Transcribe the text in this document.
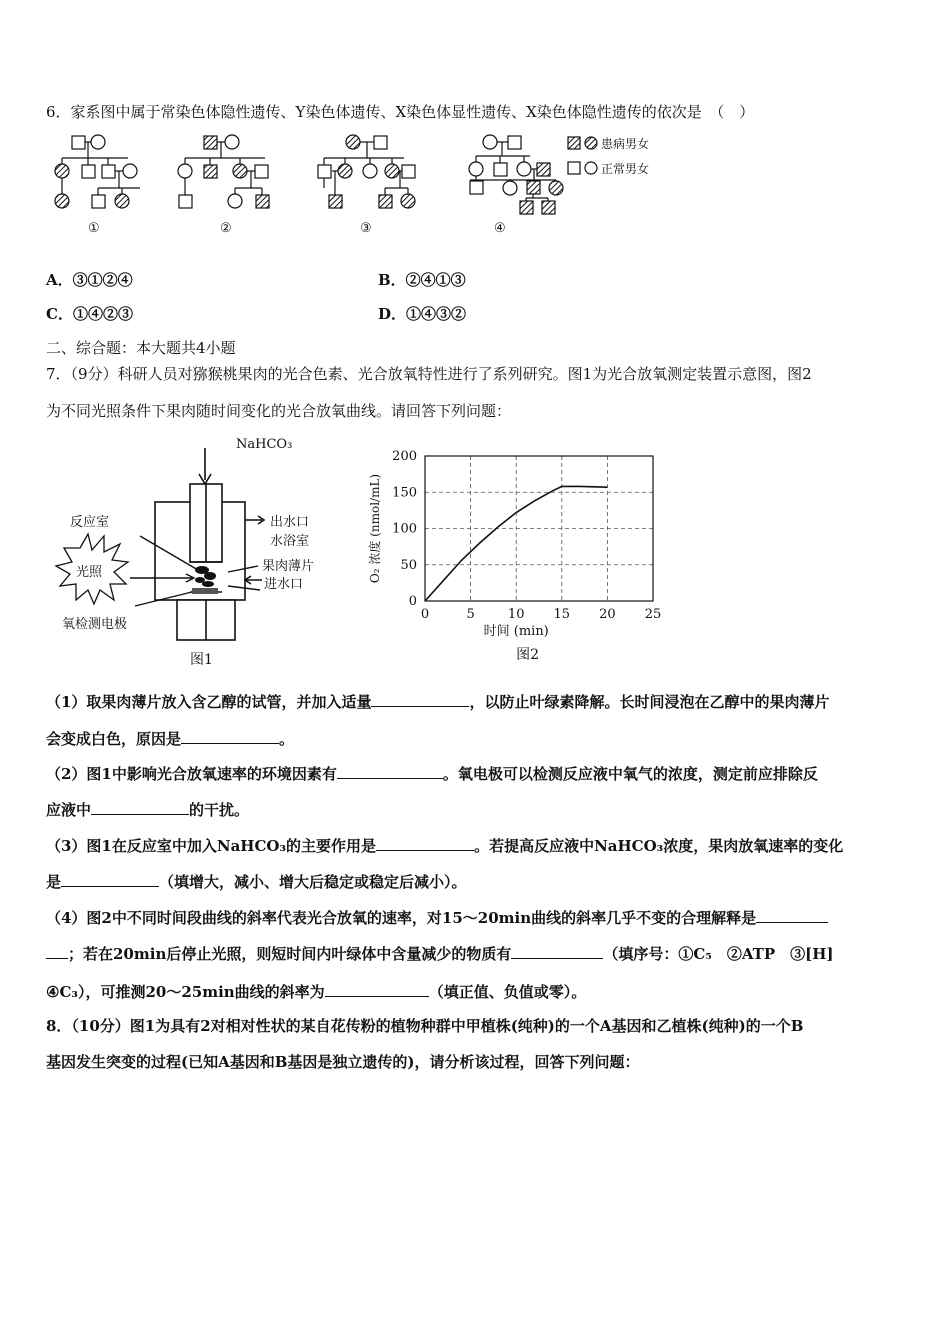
6．家系图中属于常染色体隐性遗传、Y染色体遗传、X染色体显性遗传、X染色体隐性遗传的依次是　（　）
患病男女
正常男女
①	②	③	④
A．③①②④	B．②④①③
C．①④②③	D．①④③②
二、综合题：本大题共4小题
7．（9分）科研人员对猕猴桃果肉的光合色素、光合放氧特性进行了系列研究。图1为光合放氧测定装置示意图，图2
为不同光照条件下果肉随时间变化的光合放氧曲线。请回答下列问题：
NaHCO₃
反应室
光照
出水口
水浴室
果肉薄片
进水口
氧检测电极
图1
0	5	10 15 20 25
0
50
100
150
200
时间 (min)
O₂ 浓度 (nmol/mL)
图2
（1）取果肉薄片放入含乙醇的试管，并加入适量	，以防止叶绿素降解。长时间浸泡在乙醇中的果肉薄片
会变成白色，原因是	。
（2）图1中影响光合放氧速率的环境因素有	。氧电极可以检测反应液中氧气的浓度，测定前应排除反
应液中	的干扰。
（3）图1在反应室中加入NaHCO₃的主要作用是	。若提高反应液中NaHCO₃浓度，果肉放氧速率的变化
是	（填增大，减小、增大后稳定或稳定后减小）。
（4）图2中不同时间段曲线的斜率代表光合放氧的速率，对15～20min曲线的斜率几乎不变的合理解释是
；若在20min后停止光照，则短时间内叶绿体中含量减少的物质有	（填序号：①C₅　②ATP　③[H]
④C₃），可推测20～25min曲线的斜率为	（填正值、负值或零）。
8．（10分）图1为具有2对相对性状的某自花传粉的植物种群中甲植株(纯种)的一个A基因和乙植株(纯种)的一个B
基因发生突变的过程(已知A基因和B基因是独立遗传的)，请分析该过程，回答下列问题：
